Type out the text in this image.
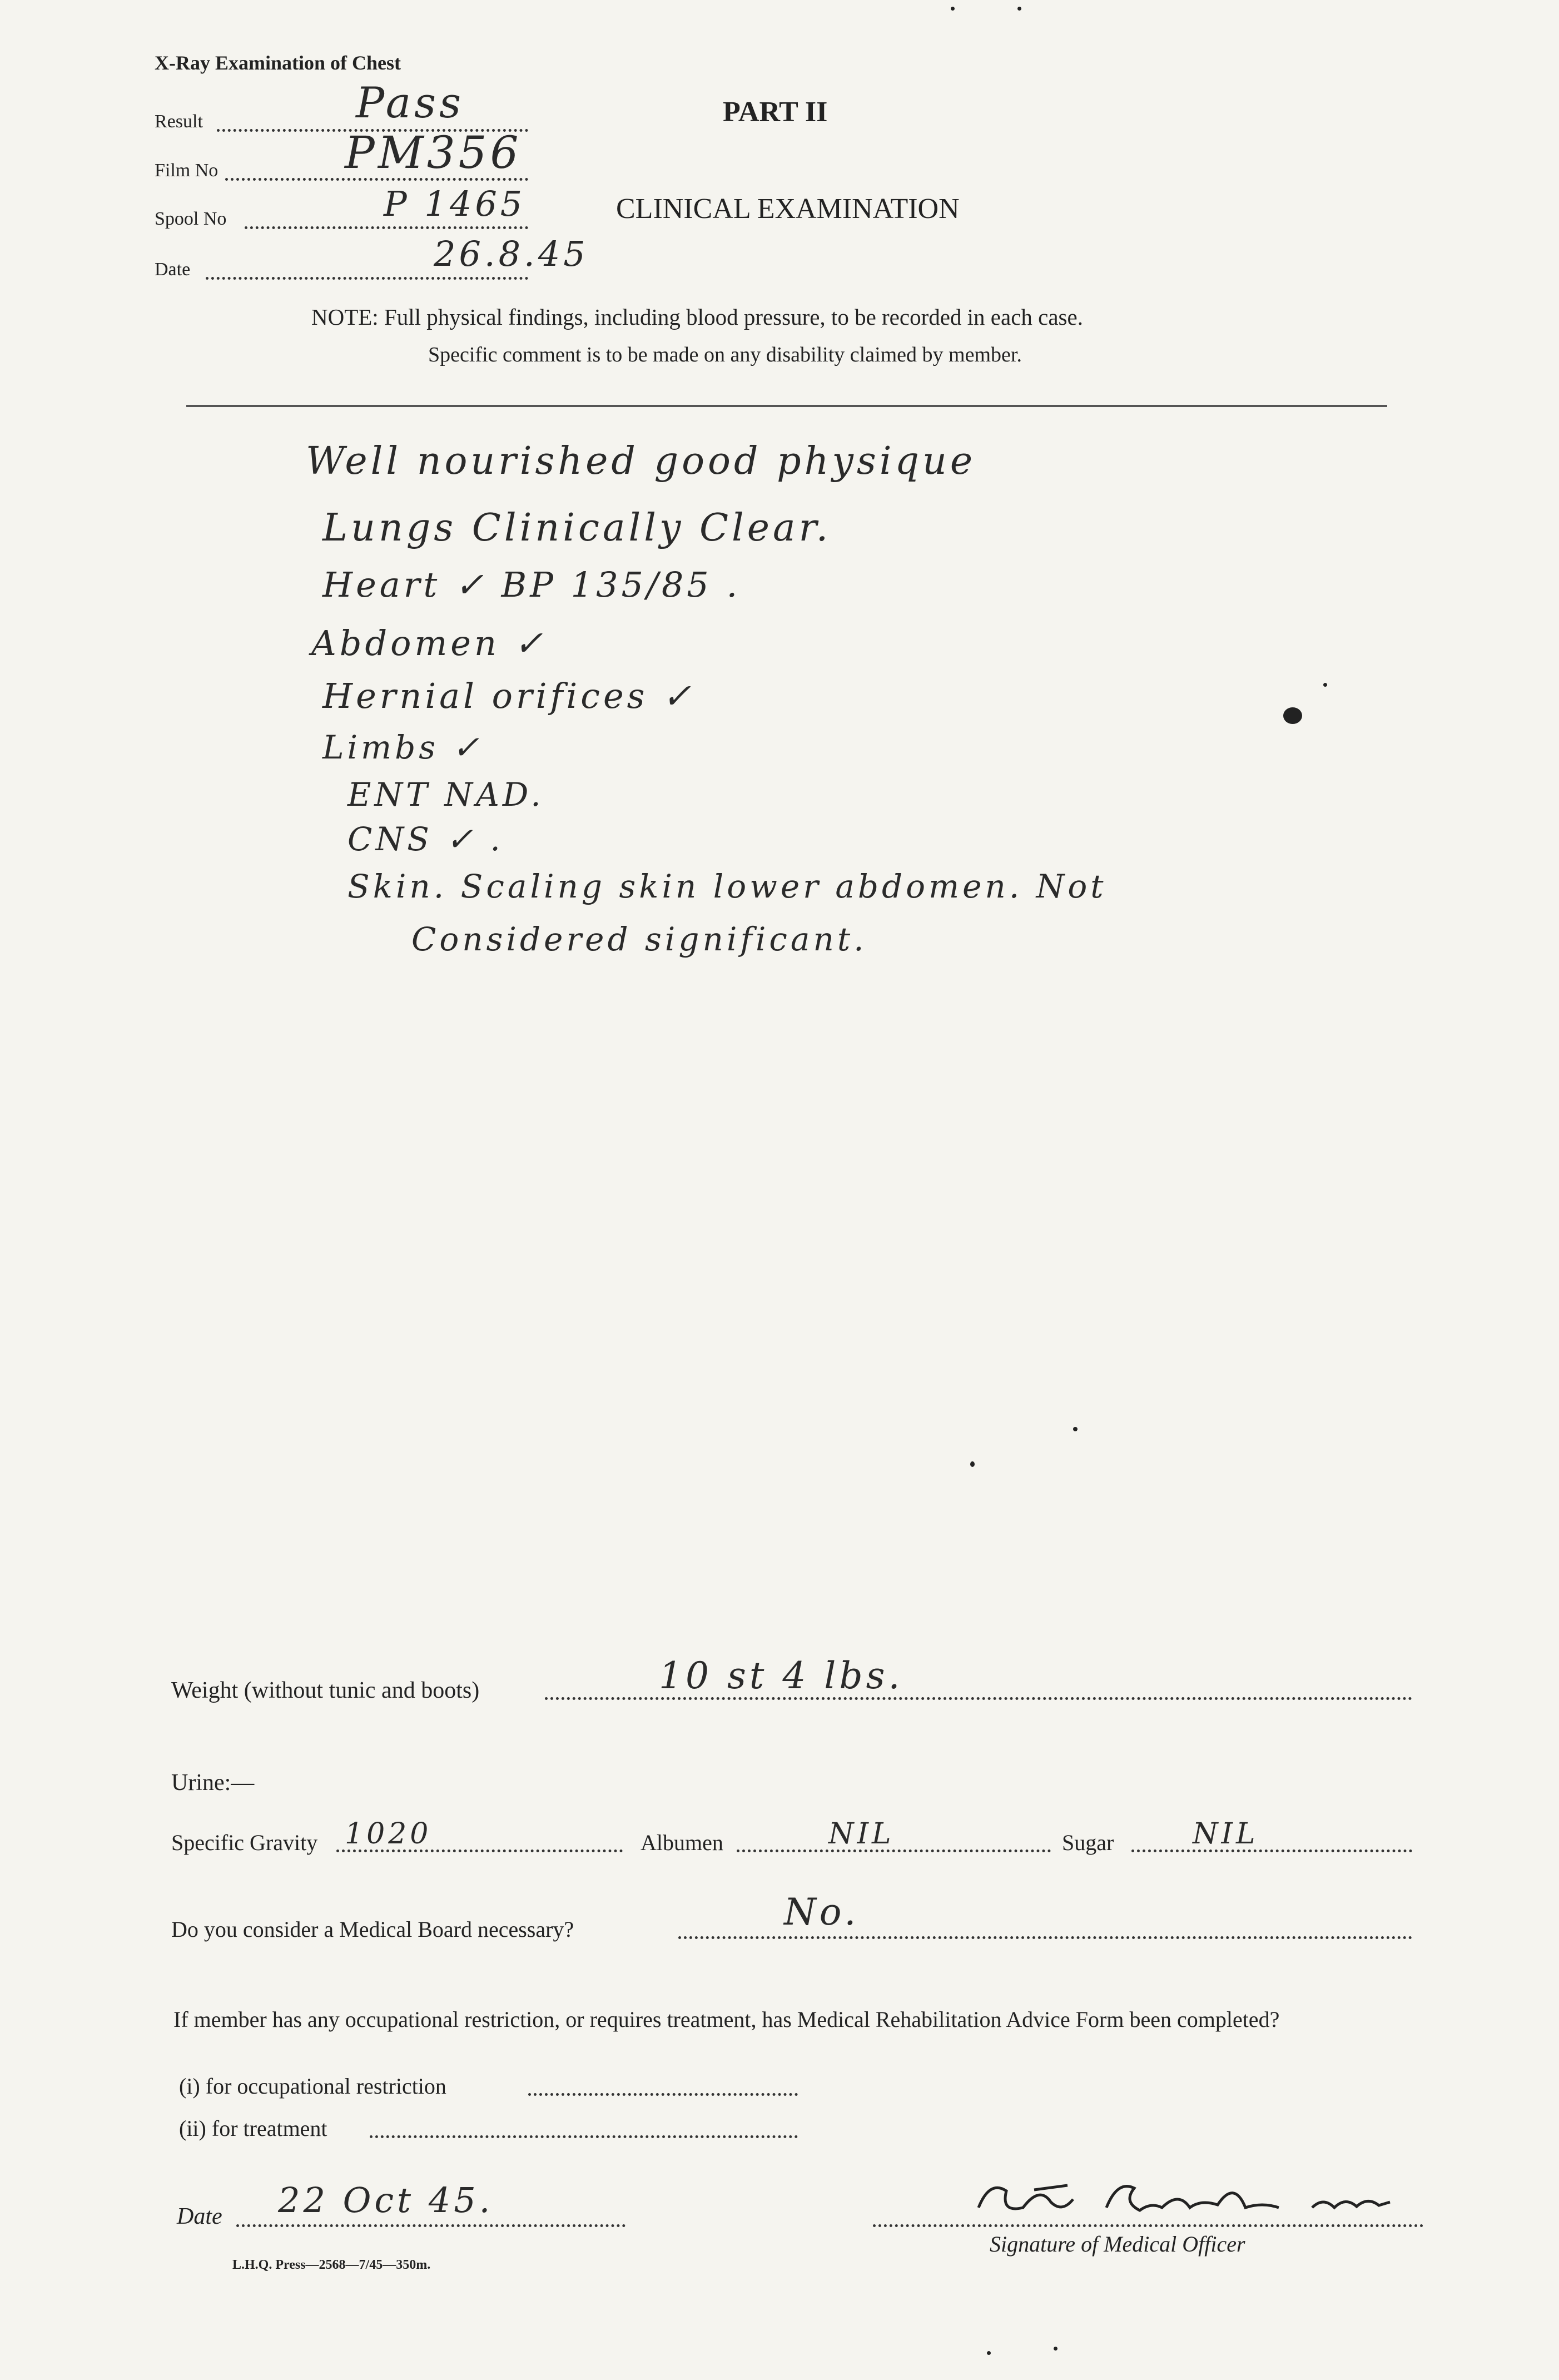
X-Ray Examination of Chest
Result	Pass
Film No	PM356
Spool No	P 1465
Date	26.8.45
PART II
CLINICAL EXAMINATION
NOTE: Full physical findings, including blood pressure, to be recorded in each case.
Specific comment is to be made on any disability claimed by member.
Well nourished good physique
Lungs Clinically Clear.
Heart ✓ BP 135/85 .
Abdomen ✓
Hernial orifices ✓
Limbs ✓
ENT NAD.
CNS ✓ .
Skin. Scaling skin lower abdomen. Not
Considered significant.
Weight (without tunic and boots)	10 st 4 lbs.
Urine:—
Specific Gravity 1020	Albumen	NIL	Sugar	NIL
Do you consider a Medical Board necessary?	No.
If member has any occupational restriction, or requires treatment, has Medical Rehabilitation Advice Form been completed?
(i) for occupational restriction
(ii) for treatment
Date 22 Oct 45.
Signature of Medical Officer
L.H.Q. Press—2568—7/45—350m.
